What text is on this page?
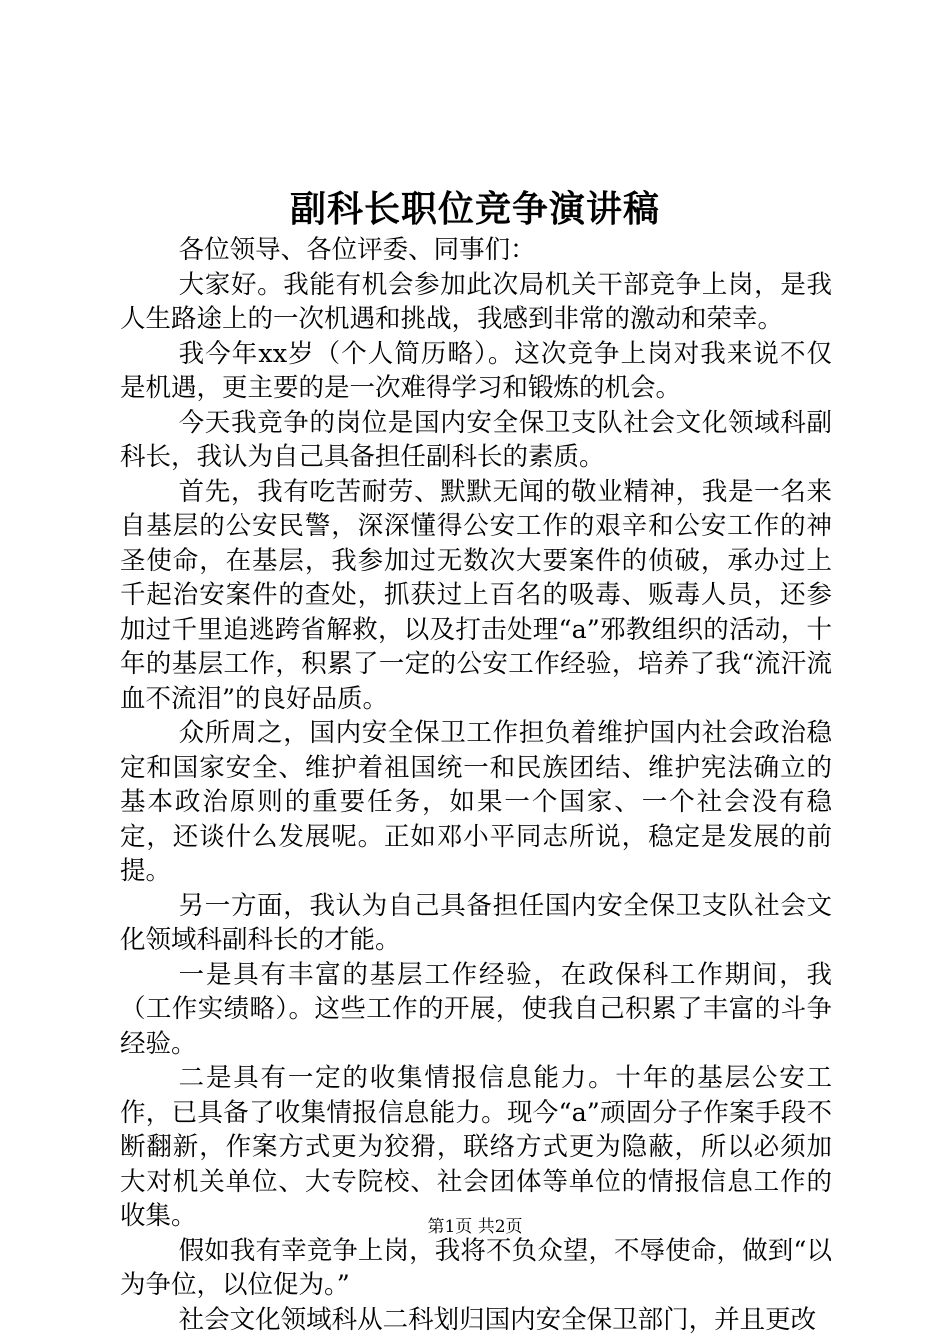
副科长职位竞争演讲稿

各位领导、各位评委、同事们：

大家好。我能有机会参加此次局机关干部竞争上岗，是我人生路途上的一次机遇和挑战，我感到非常的激动和荣幸。

我今年xx岁（个人简历略）。这次竞争上岗对我来说不仅是机遇，更主要的是一次难得学习和锻炼的机会。

今天我竞争的岗位是国内安全保卫支队社会文化领域科副科长，我认为自己具备担任副科长的素质。

首先，我有吃苦耐劳、默默无闻的敬业精神，我是一名来自基层的公安民警，深深懂得公安工作的艰辛和公安工作的神圣使命，在基层，我参加过无数次大要案件的侦破，承办过上千起治安案件的查处，抓获过上百名的吸毒、贩毒人员，还参加过千里追逃跨省解救，以及打击处理“a”邪教组织的活动，十年的基层工作，积累了一定的公安工作经验，培养了我“流汗流血不流泪”的良好品质。

众所周之，国内安全保卫工作担负着维护国内社会政治稳定和国家安全、维护着祖国统一和民族团结、维护宪法确立的基本政治原则的重要任务，如果一个国家、一个社会没有稳定，还谈什么发展呢。正如邓小平同志所说，稳定是发展的前提。

另一方面，我认为自己具备担任国内安全保卫支队社会文化领域科副科长的才能。

一是具有丰富的基层工作经验，在政保科工作期间，我（工作实绩略）。这些工作的开展，使我自己积累了丰富的斗争经验。

二是具有一定的收集情报信息能力。十年的基层公安工作，已具备了收集情报信息能力。现今“a”顽固分子作案手段不断翻新，作案方式更为狡猾，联络方式更为隐蔽，所以必须加大对机关单位、大专院校、社会团体等单位的情报信息工作的收集。

假如我有幸竞争上岗，我将不负众望，不辱使命，做到“以为争位，以位促为。”

社会文化领域科从二科划归国内安全保卫部门，并且更改

第1页 共2页
